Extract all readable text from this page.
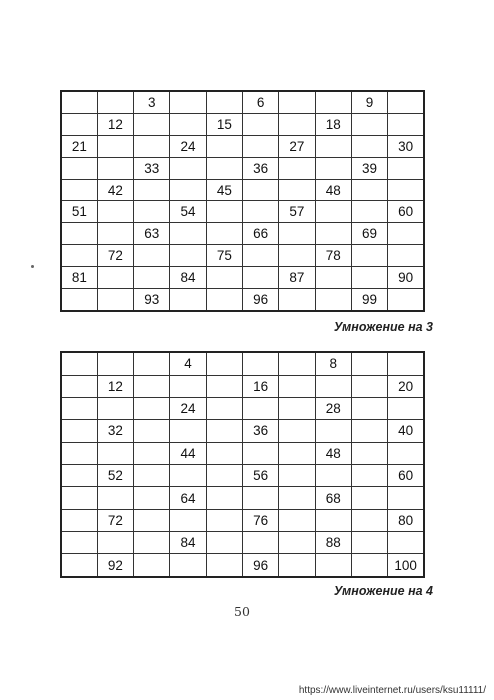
		3			6			9	
	12			15			18		
21			24			27			30
		33			36			39	
	42			45			48		
51			54			57			60
		63			66			69	
	72			75			78		
81			84			87			90
		93			96			99	
Умножение на 3
			4				8		
	12				16				20
			24				28		
	32				36				40
			44				48		
	52				56				60
			64				68		
	72				76				80
			84				88		
	92				96				100
Умножение на 4
50
https://www.liveinternet.ru/users/ksu11111/
